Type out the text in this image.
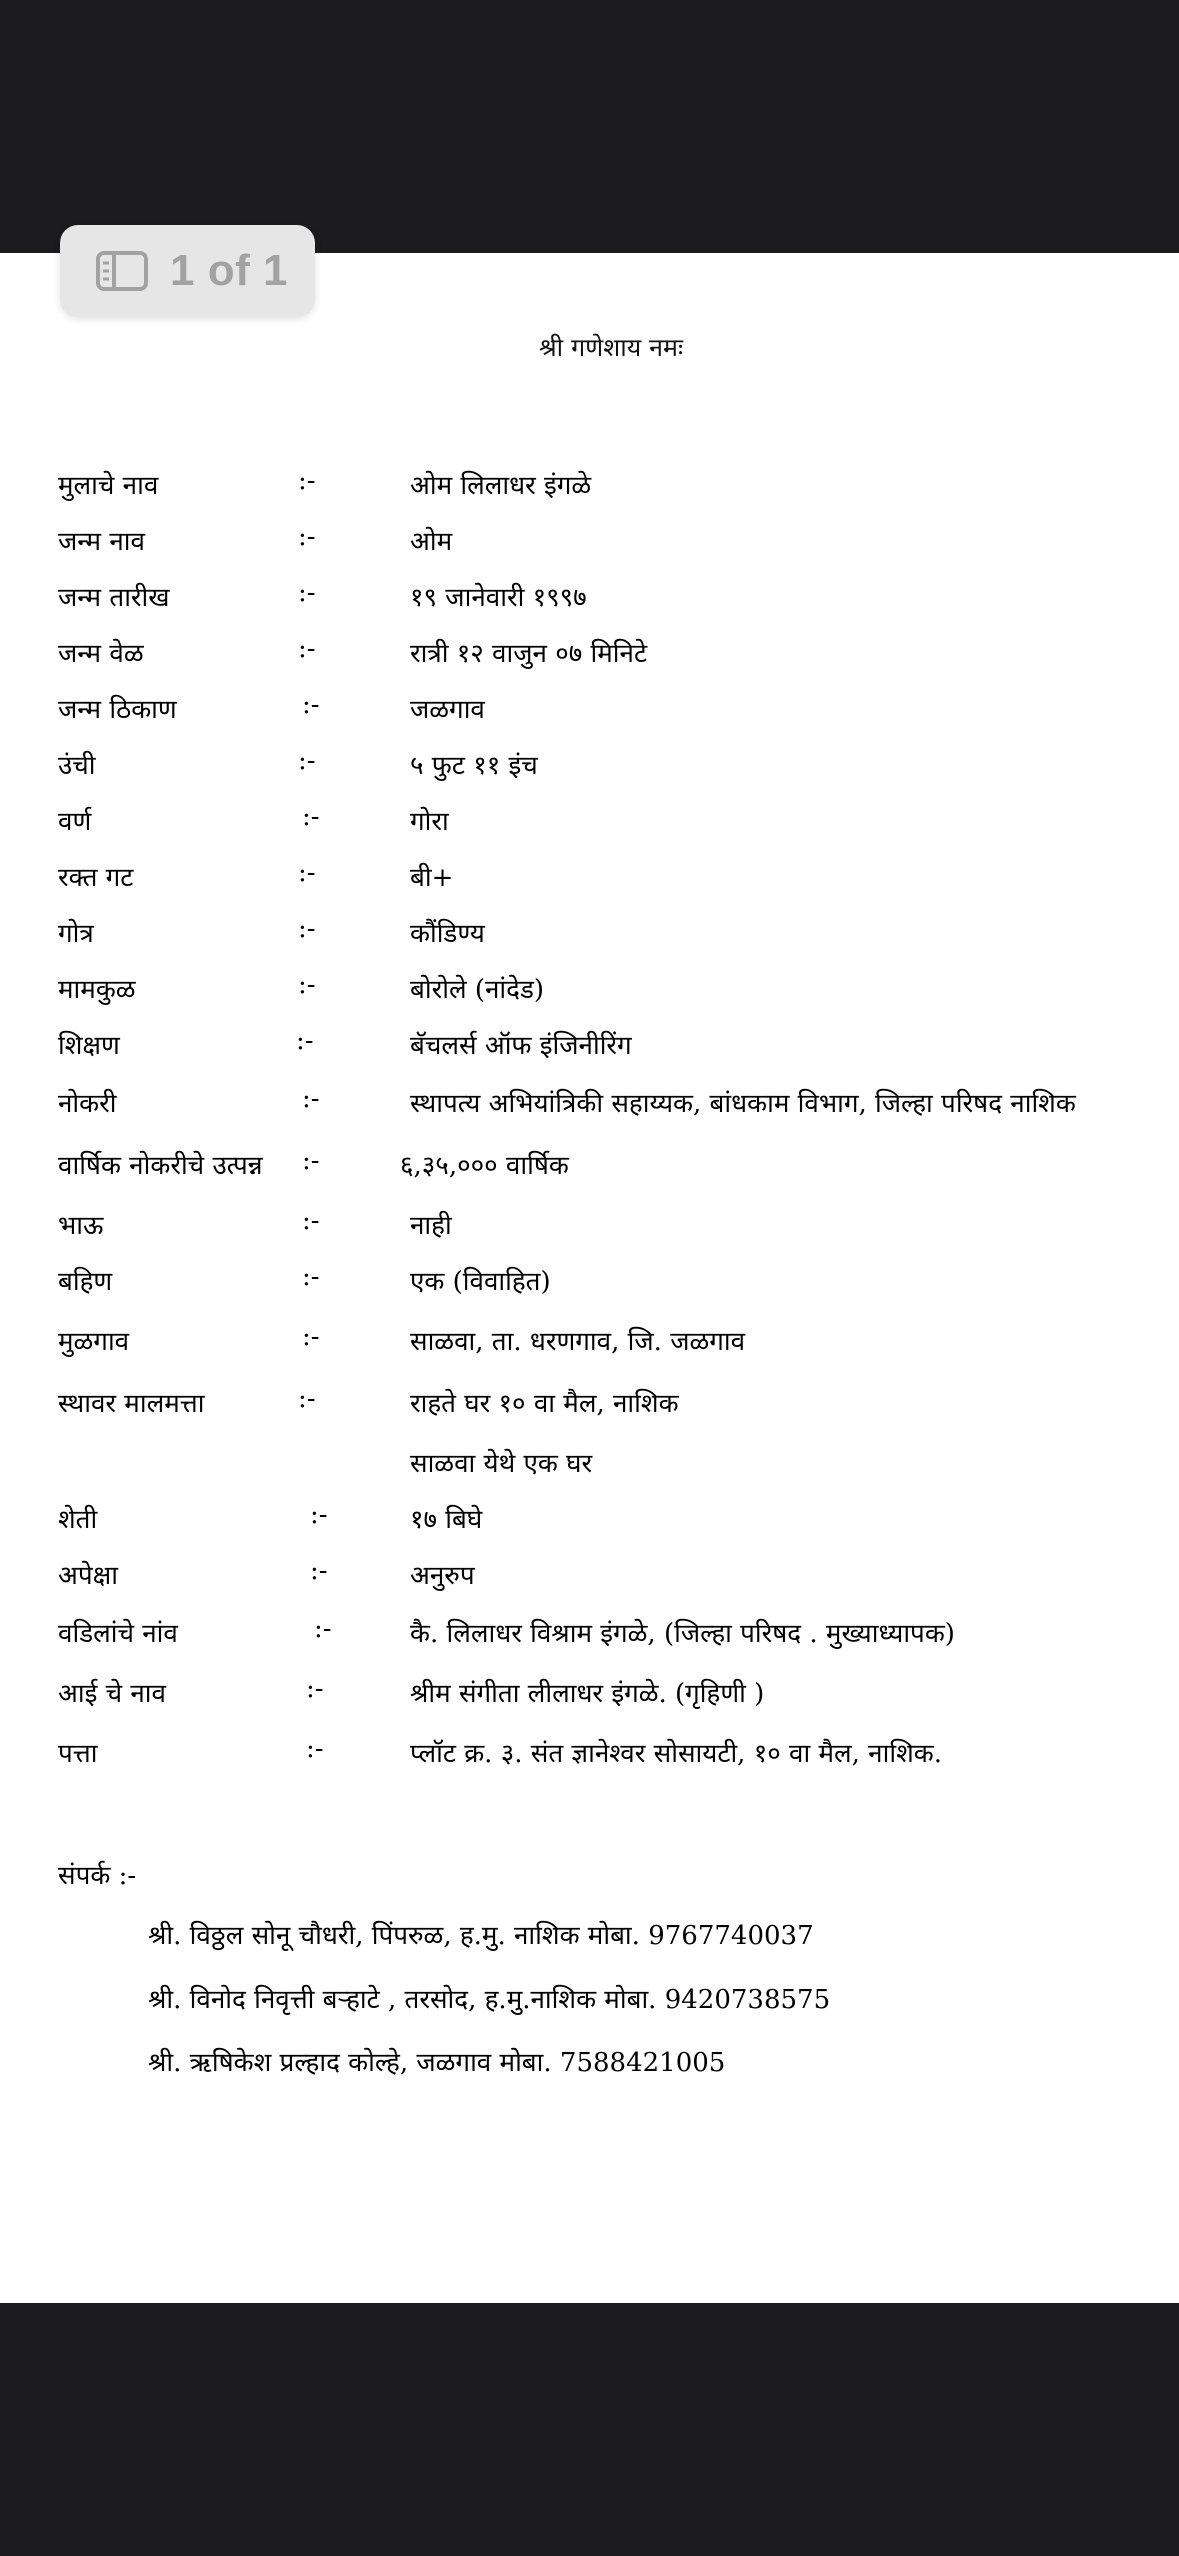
1 of 1
श्री गणेशाय नमः
मुलाचे नाव	:-	ओम लिलाधर इंगळे
जन्म नाव	:-	ओम
जन्म तारीख	:-	१९ जानेवारी १९९७
जन्म वेळ	:-	रात्री १२ वाजुन ०७ मिनिटे
जन्म ठिकाण	:-	जळगाव
उंची	:-	५ फुट ११ इंच
वर्ण	:-	गोरा
रक्त गट	:-	बी+
गोत्र	:-	कौंडिण्य
मामकुळ	:-	बोरोले (नांदेड)
शिक्षण	:-	बॅचलर्स ऑफ इंजिनीरिंग
नोकरी	:-	स्थापत्य अभियांत्रिकी सहाय्यक, बांधकाम विभाग, जिल्हा परिषद नाशिक
वार्षिक नोकरीचे उत्पन्न :-	६,३५,००० वार्षिक
भाऊ	:-	नाही
बहिण	:-	एक (विवाहित)
मुळगाव	:-	साळवा, ता. धरणगाव, जि. जळगाव
स्थावर मालमत्ता	:-	राहते घर १० वा मैल, नाशिक
साळवा येथे एक घर
शेती	:-	१७ बिघे
अपेक्षा	:-	अनुरुप
वडिलांचे नांव	:-	कै. लिलाधर विश्राम इंगळे, (जिल्हा परिषद . मुख्याध्यापक)
आई चे नाव	:-	श्रीम संगीता लीलाधर इंगळे. (गृहिणी )
पत्ता	:-	प्लॉट क्र. ३. संत ज्ञानेश्वर सोसायटी, १० वा मैल, नाशिक.
संपर्क :-
श्री. विठ्ठल सोनू चौधरी, पिंपरुळ, ह.मु. नाशिक मोबा. 9767740037
श्री. विनोद निवृत्ती बऱ्हाटे , तरसोद, ह.मु.नाशिक मोबा. 9420738575
श्री. ऋषिकेश प्रल्हाद कोल्हे, जळगाव मोबा. 7588421005
